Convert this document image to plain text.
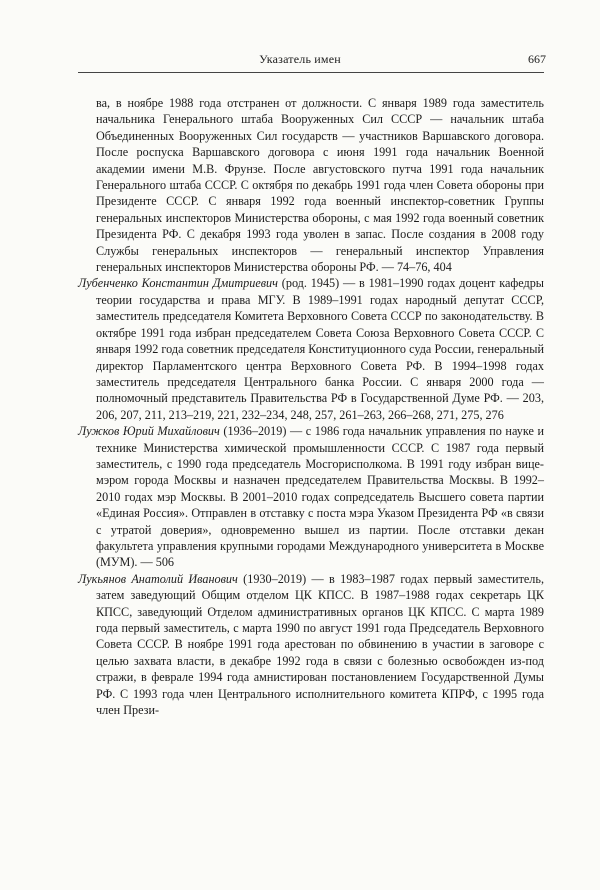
Указатель имен	667

ва, в ноябре 1988 года отстранен от должности. С января 1989 года заместитель начальника Генерального штаба Вооруженных Сил СССР — начальник штаба Объединенных Вооруженных Сил государств — участников Варшавского договора. После роспуска Варшавского договора с июня 1991 года начальник Военной академии имени М.В. Фрунзе. После августовского путча 1991 года начальник Генерального штаба СССР. С октября по декабрь 1991 года член Совета обороны при Президенте СССР. С января 1992 года военный инспектор-советник Группы генеральных инспекторов Министерства обороны, с мая 1992 года военный советник Президента РФ. С декабря 1993 года уволен в запас. После создания в 2008 году Службы генеральных инспекторов — генеральный инспектор Управления генеральных инспекторов Министерства обороны РФ. — 74–76, 404

Лубенченко Константин Дмитриевич (род. 1945) — в 1981–1990 годах доцент кафедры теории государства и права МГУ. В 1989–1991 годах народный депутат СССР, заместитель председателя Комитета Верховного Совета СССР по законодательству. В октябре 1991 года избран председателем Совета Союза Верховного Совета СССР. С января 1992 года советник председателя Конституционного суда России, генеральный директор Парламентского центра Верховного Совета РФ. В 1994–1998 годах заместитель председателя Центрального банка России. С января 2000 года — полномочный представитель Правительства РФ в Государственной Думе РФ. — 203, 206, 207, 211, 213–219, 221, 232–234, 248, 257, 261–263, 266–268, 271, 275, 276

Лужков Юрий Михайлович (1936–2019) — с 1986 года начальник управления по науке и технике Министерства химической промышленности СССР. С 1987 года первый заместитель, с 1990 года председатель Мосгорисполкома. В 1991 году избран вице-мэром города Москвы и назначен председателем Правительства Москвы. В 1992–2010 годах мэр Москвы. В 2001–2010 годах сопредседатель Высшего совета партии «Единая Россия». Отправлен в отставку с поста мэра Указом Президента РФ «в связи с утратой доверия», одновременно вышел из партии. После отставки декан факультета управления крупными городами Международного университета в Москве (МУМ). — 506

Лукьянов Анатолий Иванович (1930–2019) — в 1983–1987 годах первый заместитель, затем заведующий Общим отделом ЦК КПСС. В 1987–1988 годах секретарь ЦК КПСС, заведующий Отделом административных органов ЦК КПСС. С марта 1989 года первый заместитель, с марта 1990 по август 1991 года Председатель Верховного Совета СССР. В ноябре 1991 года арестован по обвинению в участии в заговоре с целью захвата власти, в декабре 1992 года в связи с болезнью освобожден из-под стражи, в феврале 1994 года амнистирован постановлением Государственной Думы РФ. С 1993 года член Центрального исполнительного комитета КПРФ, с 1995 года член Прези-
